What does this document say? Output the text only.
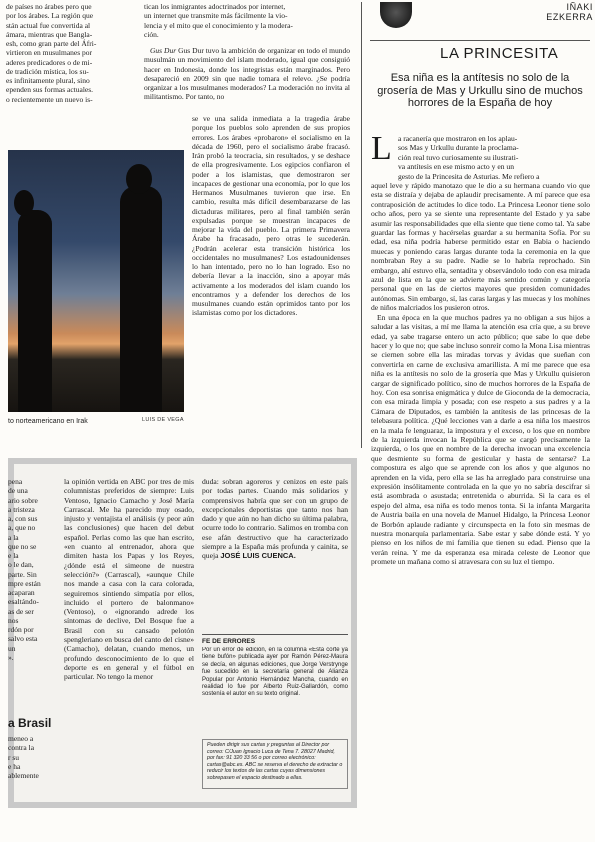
IÑAKI
EZKERRA
LA PRINCESITA
Esa niña es la antítesis no solo de la grosería de Mas y Urkullu sino de muchos horrores de la España de hoy
de países no árabes pero que
por los árabes. La región que
stán actual fue convertida al
ámara, mientras que Bangla-
esh, como gran parte del Áfri-
virtieron en musulmanes por
aderes predicadores o de mi-
de tradición mística, los su-
es infinitamente plural, sino
ependen sus formas actuales.
o recientemente un nuevo is-
tican los inmigrantes adoctrinados por internet,
un internet que transmite más fácilmente la vio-
lencia y el mito que el conocimiento y la modera-
ción.

Gus Dur Gus Dur tuvo la ambición de organizar en todo el mundo musulmán un movimiento del islam moderado, igual que consiguió hacer en Indonesia, donde los integristas están marginados. Pero desapareció en 2009 sin que nadie tomara el relevo. ¿Se podría organizar a los musulmanes moderados? La moderación no invita al militantismo. Por tanto, no

se ve una salida inmediata a la tragedia árabe porque los pueblos solo aprenden de sus propios errores. Los árabes «probaron» el socialismo en la década de 1960, pero el socialismo árabe fracasó. Irán probó la teocracia, sin resultados, y se deshace de ella progresivamente. Los egipcios confiaron el poder a los islamistas, que demostraron ser incapaces de gestionar una economía, por lo que los Hermanos Musulmanes tuvieron que irse. En cambio, resulta más difícil desembarazarse de las dictaduras militares, pero al final también serán expulsadas porque se muestran incapaces de mejorar la vida del pueblo. La primera Primavera Árabe ha fracasado, pero otras le sucederán. ¿Podrán acelerar esta transición histórica los occidentales no musulmanes? Los estadounidenses lo han intentado, pero no lo han logrado. Eso no debería llevar a la inacción, sino a apoyar más activamente a los moderados del islam cuando los encontramos y a defender los derechos de los musulmanes cuando están oprimidos tanto por los islamistas como por los dictadores.

to norteamericano en Irak	LUIS DE VEGA
L a racanería que mostraron en los aplau-
sos Mas y Urkullu durante la proclama-
ción real tuvo curiosamente su ilustrati-
va antítesis en ese mismo acto y en un
gesto de la Princesita de Asturias. Me refiero a

aquel leve y rápido manotazo que le dio a su hermana cuando vio que esta se distraía y dejaba de aplaudir precisamente. A mí parece que esa contraposición de actitudes lo dice todo. La Princesa Leonor tiene solo ocho años, pero ya se siente una representante del Estado y ya sabe asumir las responsabilidades que ella siente que tiene como tal. Ya sabe guardar las formas y hacérselas guardar a su hermanita Sofía. Por su edad, esa niña podría haberse permitido estar en Babia o haciendo muecas y poniendo caras largas durante toda la ceremonia en la que nombraban Rey a su padre. Nadie se lo habría reprochado. Sin embargo, ahí estuvo ella, sentadita y observándolo todo con esa mirada azul de lista en la que se advierte más sentido común y categoría personal que en las de ciertos mayores que presiden comunidades autónomas. Sin embargo, sí, las caras largas y las muecas y los mohínes de niños malcriados los pusieron otros.

En una época en la que muchos padres ya no obligan a sus hijos a saludar a las visitas, a mí me llama la atención esa cría que, a su breve edad, ya sabe tragarse entero un acto público; que sabe lo que debe hacer y lo que no; que sabe incluso sonreír como la Mona Lisa mientras se ciernen sobre ella las miradas torvas y ávidas que sueñan con convertirla en carne de exclusiva amarillista. A mí me parece que esa niña es la antítesis no solo de la grosería que Mas y Urkullu quisieron cargar de significado político, sino de muchos horrores de la España de hoy. Con esa sonrisa enigmática y dulce de Gioconda de la democracia, con esa mirada limpia y posada; con ese respeto a sus padres y a la Cámara de Diputados, es también la antítesis de las princesas de la telebasura política. ¿Qué lecciones van a darle a esa niña los maestros en la mala fe lenguaraz, la impostura y el exceso, o los que en nombre de la izquierda invocan la República que se cargó precisamente la izquierda, o los que en nombre de la derecha invocan una excelencia que desmiente su forma de gesticular y hasta de sentarse? La compostura es algo que se aprende con los años y que algunos no aprenden en la vida, pero ella se las ha arreglado para construirse una expresión insólitamente controlada en la que yo no sabría descifrar si está asombrada o asustada; entretenida o aburrida. Si la cara es el espejo del alma, esa niña es todo menos tonta. Si la infanta Margarita de Austria baila en una novela de Manuel Hidalgo, la Princesa Leonor de Borbón aplaude radiante y circunspecta en la foto sin mesmas de nuestra monarquía parlamentaria. Sabe estar y sabe dónde está. Y yo pienso en los niños de mi familia que tienen su edad. Pienso que la verán reina. Y me da esperanza esa mirada celeste de Leonor que promete un mañana como si atravesara con su luz el tiempo.

pena
de una
ario sobre
a tristeza
a, con sus
a, que no
a la
que no se
e la
o le dan,
parte. Sin
mpre están
acaparan
esaltándo-
as de ser
nos
rdón por
salvo esta
un
».
a Brasil
meneo a
contra la
r su
e ha
ablemente

la opinión vertida en ABC por tres de mis columnistas preferidos de siempre: Luis Ventoso, Ignacio Camacho y José María Carrascal. Me ha parecido muy osado, injusto y ventajista el análisis (y peor aún las conclusiones) que hacen del debut español. Perlas como las que han escrito, «en cuanto al entrenador, ahora que dimiten hasta los Papas y los Reyes, ¿dónde está el simeone de nuestra selección?» (Carrascal), «aunque Chile nos mande a casa con la cara colorada, seguiremos sintiendo simpatía por ellos, incluido el portero de balonmano» (Ventoso), o «ignorando adrede los síntomas de declive, Del Bosque fue a Brasil con su cansado pelotón spengleriano en busca del canto del cisne» (Camacho), delatan, cuando menos, un profundo desconocimiento de lo que el deporte es en general y el fútbol en particular. No tengo la menor

duda: sobran agoreros y cenizos en este país por todas partes. Cuando más solidarios y comprensivos habría que ser con un grupo de excepcionales deportistas que tanto nos han dado y que aún no han dicho su última palabra, ocurre todo lo contrario. Salimos en tromba con ese afán destructivo que ha caracterizado siempre a la España más profunda y cainita, se queja JOSÉ LUIS CUENCA.

FE DE ERRORES

Por un error de edición, en la columna «Esta corte ya tiene bufón» publicada ayer por Ramón Pérez-Maura se decía, en algunas ediciones, que Jorge Verstrynge fue sucedido en la secretaría general de Alianza Popular por Antonio Hernández Mancha, cuando en realidad lo fue por Alberto Ruiz-Gallardón, como sostenía el autor en su texto original.

Pueden dirigir sus cartas y preguntas al Director por correo: C/Juan Ignacio Luca de Tena 7. 28027 Madrid, por fax: 91 320 33 56 o por correo electrónico: cartas@abc.es. ABC se reserva el derecho de extractar o reducir los textos de las cartas cuyas dimensiones sobrepasen el espacio destinado a ellas.
